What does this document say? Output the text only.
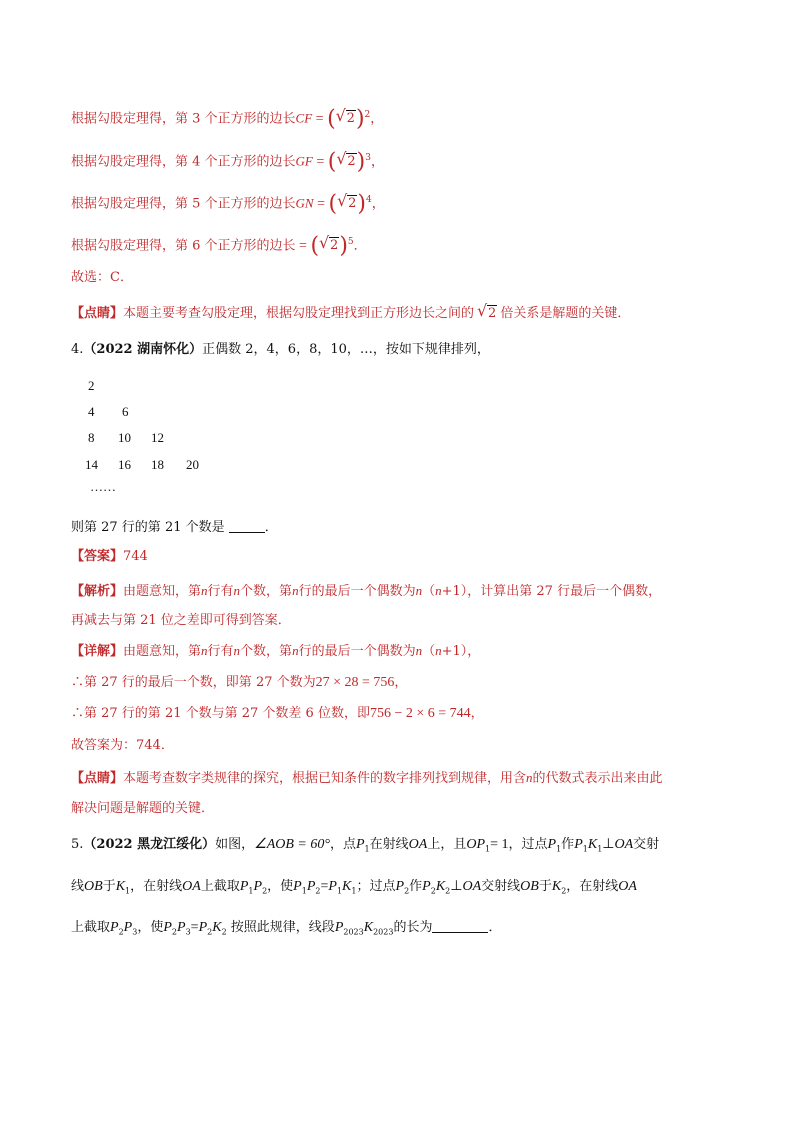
根据勾股定理得，第 3 个正方形的边长CF = ( √ 2)$^2$，
根据勾股定理得，第 4 个正方形的边长GF = ( √ 2)$^3$，
根据勾股定理得，第 5 个正方形的边长GN = ( √ 2)$^4$，
根据勾股定理得，第 6 个正方形的边长 = ( √ 2)$^5$．
故选：C．
【点睛】本题主要考查勾股定理，根据勾股定理找到正方形边长之间的 √ 2 倍关系是解题的关键．
4.（2022 湖南怀化）正偶数 2，4，6，8，10，…，按如下规律排列，
2
4 6
8 10 12
14 16 18 20
……
则第 27 行的第 21 个数是	．
【答案】744
【解析】由题意知，第n行有n个数，第n行的最后一个偶数为n（n+1），计算出第 27 行最后一个偶数，
再减去与第 21 位之差即可得到答案．
【详解】由题意知，第n行有n个数，第n行的最后一个偶数为n（n+1），
∴第 27 行的最后一个数，即第 27 个数为27 × 28 = 756，
∴第 27 行的第 21 个数与第 27 个数差 6 位数，即756 − 2 × 6 = 744，
故答案为：744．
【点睛】本题考查数字类规律的探究，根据已知条件的数字排列找到规律，用含n的代数式表示出来由此
解决问题是解题的关键．
5.（2022 黑龙江绥化）如图，∠AOB = 60°，点$P_1$在射线OA上，且$OP_1= 1$，过点$P_1$作$P_1K_1\perp OA$交射
线OB于$K_1$，在射线OA上截取$P_1P_2$，使$P_1P_2=P_1K_1$；过点$P_2$作$P_2K_2\perp OA$交射线OB于$K_2$，在射线OA
上截取$P_2P_3$，使$P_2P_3=P_2K_2$ 按照此规律，线段$P_{2023}K_{2023}$的长为	．
